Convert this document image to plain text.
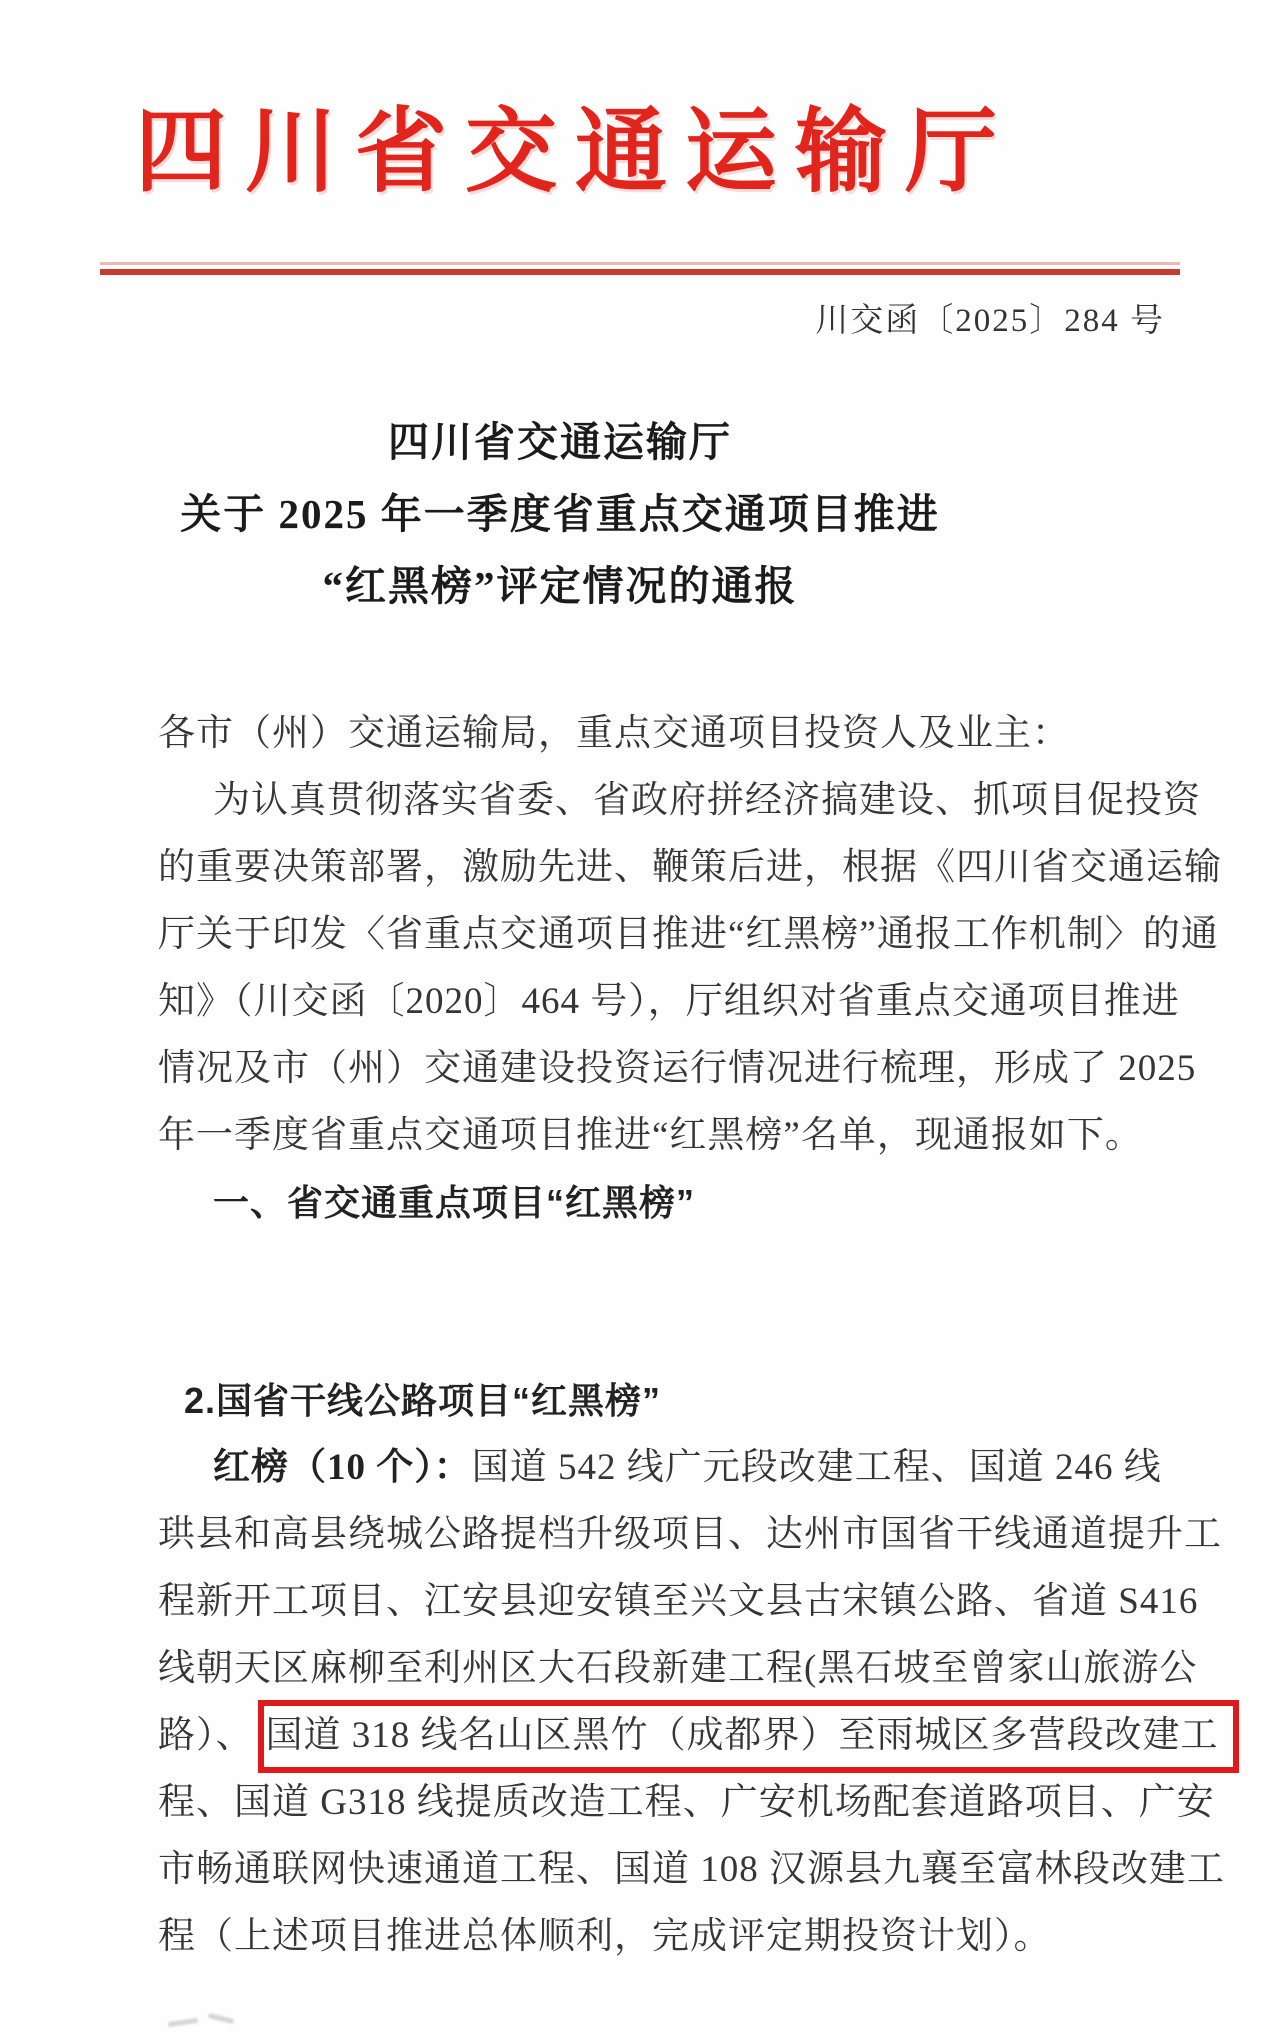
四川省交通运输厅
川交函〔2025〕284 号
四川省交通运输厅
关于 2025 年一季度省重点交通项目推进
“红黑榜”评定情况的通报
各市（州）交通运输局，重点交通项目投资人及业主：
为认真贯彻落实省委、省政府拼经济搞建设、抓项目促投资
的重要决策部署，激励先进、鞭策后进，根据《四川省交通运输
厅关于印发〈省重点交通项目推进“红黑榜”通报工作机制〉的通
知》（川交函〔2020〕464 号），厅组织对省重点交通项目推进
情况及市（州）交通建设投资运行情况进行梳理，形成了 2025
年一季度省重点交通项目推进“红黑榜”名单，现通报如下。
一、省交通重点项目“红黑榜”
2.国省干线公路项目“红黑榜”
红榜（10 个）：国道 542 线广元段改建工程、国道 246 线
珙县和高县绕城公路提档升级项目、达州市国省干线通道提升工
程新开工项目、江安县迎安镇至兴文县古宋镇公路、省道 S416
线朝天区麻柳至利州区大石段新建工程(黑石坡至曾家山旅游公
路）、 国道 318 线名山区黑竹（成都界）至雨城区多营段改建工
程、国道 G318 线提质改造工程、广安机场配套道路项目、广安
市畅通联网快速通道工程、国道 108 汉源县九襄至富林段改建工
程（上述项目推进总体顺利，完成评定期投资计划）。
